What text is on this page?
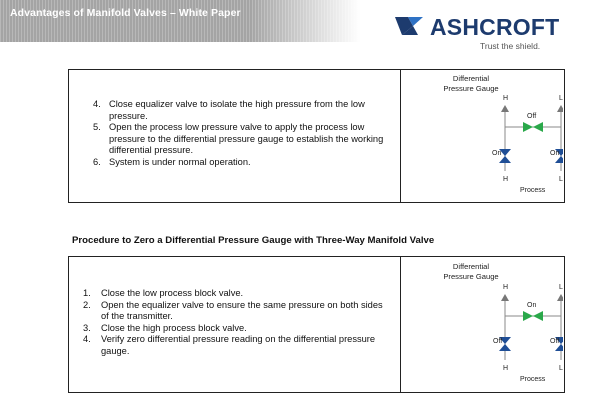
Advantages of Manifold Valves – White Paper
ASHCROFT
Trust the shield.
4. Close equalizer valve to isolate the high pressure from the low pressure.
5. Open the process low pressure valve to apply the process low pressure to the differential pressure gauge to establish the working differential pressure.
6. System is under normal operation.
Differential
Pressure Gauge
H	L
Off
On	On
H	L
Process
Procedure to Zero a Differential Pressure Gauge with Three-Way Manifold Valve
1. Close the low process block valve.
2. Open the equalizer valve to ensure the same pressure on both sides of the transmitter.
3. Close the high process block valve.
4. Verify zero differential pressure reading on the differential pressure gauge.
Differential
Pressure Gauge
H	L
On
Off	Off
H	L
Process
